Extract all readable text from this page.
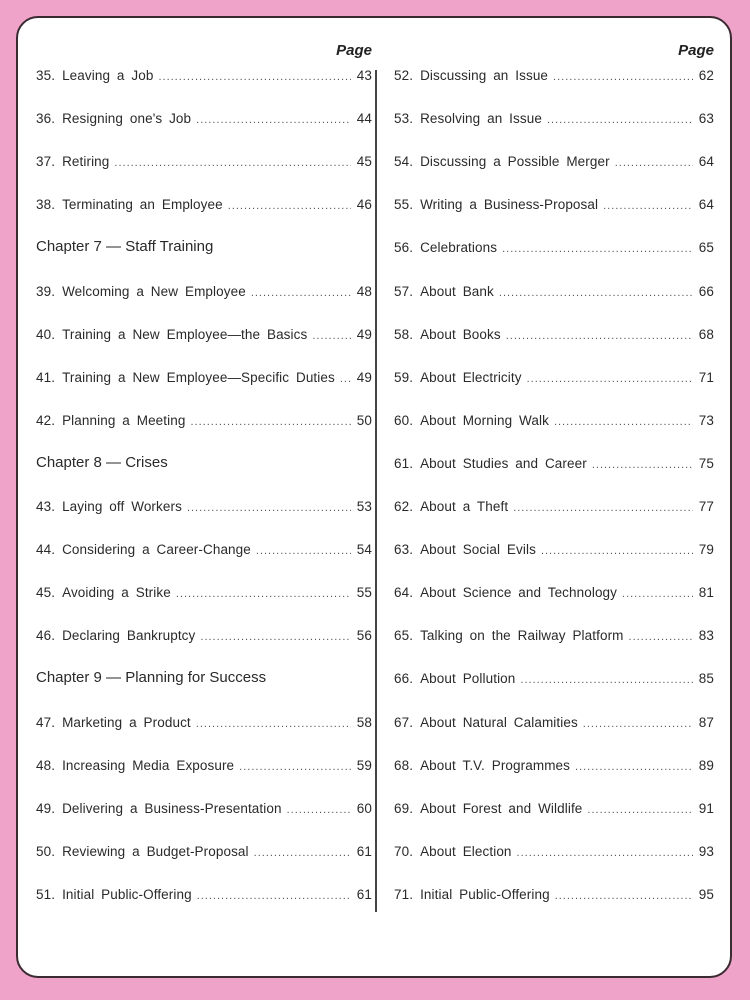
Page
35. Leaving a Job .....	43
36. Resigning one's Job .....	44
37. Retiring .....	45
38. Terminating an Employee .....	46
Chapter 7 — Staff Training
39. Welcoming a New Employee .....	48
40. Training a New Employee—the Basics .....	49
41. Training a New Employee—Specific Duties ..... 49
42. Planning a Meeting .....	50
Chapter 8 — Crises
43. Laying off Workers .....	53
44. Considering a Career-Change .....	54
45. Avoiding a Strike .....	55
46. Declaring Bankruptcy .....	56
Chapter 9 — Planning for Success
47. Marketing a Product .....	58
48. Increasing Media Exposure .....	59
49. Delivering a Business-Presentation .....	60
50. Reviewing a Budget-Proposal .....	61
51. Initial Public-Offering .....	61
Page
52. Discussing an Issue .....	62
53. Resolving an Issue .....	63
54. Discussing a Possible Merger .....	64
55. Writing a Business-Proposal .....	64
56. Celebrations .....	65
57. About Bank .....	66
58. About Books .....	68
59. About Electricity .....	71
60. About Morning Walk .....	73
61. About Studies and Career .....	75
62. About a Theft .....	77
63. About Social Evils .....	79
64. About Science and Technology .....	81
65. Talking on the Railway Platform .....	83
66. About Pollution .....	85
67. About Natural Calamities .....	87
68. About T.V. Programmes .....	89
69. About Forest and Wildlife .....	91
70. About Election .....	93
71. Initial Public-Offering .....	95
